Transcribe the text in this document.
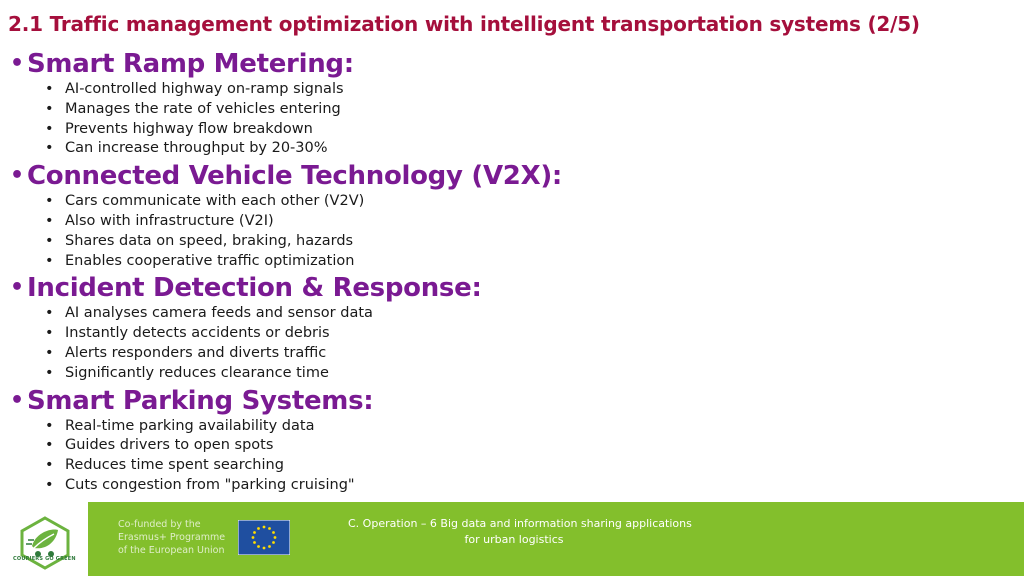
2.1 Traffic management optimization with intelligent transportation systems (2/5)
• Smart Ramp Metering:
• AI-controlled highway on-ramp signals
• Manages the rate of vehicles entering
• Prevents highway flow breakdown
• Can increase throughput by 20-30%
• Connected Vehicle Technology (V2X):
• Cars communicate with each other (V2V)
• Also with infrastructure (V2I)
• Shares data on speed, braking, hazards
• Enables cooperative traffic optimization
• Incident Detection & Response:
• AI analyses camera feeds and sensor data
• Instantly detects accidents or debris
• Alerts responders and diverts traffic
• Significantly reduces clearance time
• Smart Parking Systems:
• Real-time parking availability data
• Guides drivers to open spots
• Reduces time spent searching
• Cuts congestion from "parking cruising"
COURIERS GO GREEN
Co-funded by the Erasmus+ Programme of the European Union
C. Operation – 6 Big data and information sharing applications
for urban logistics
